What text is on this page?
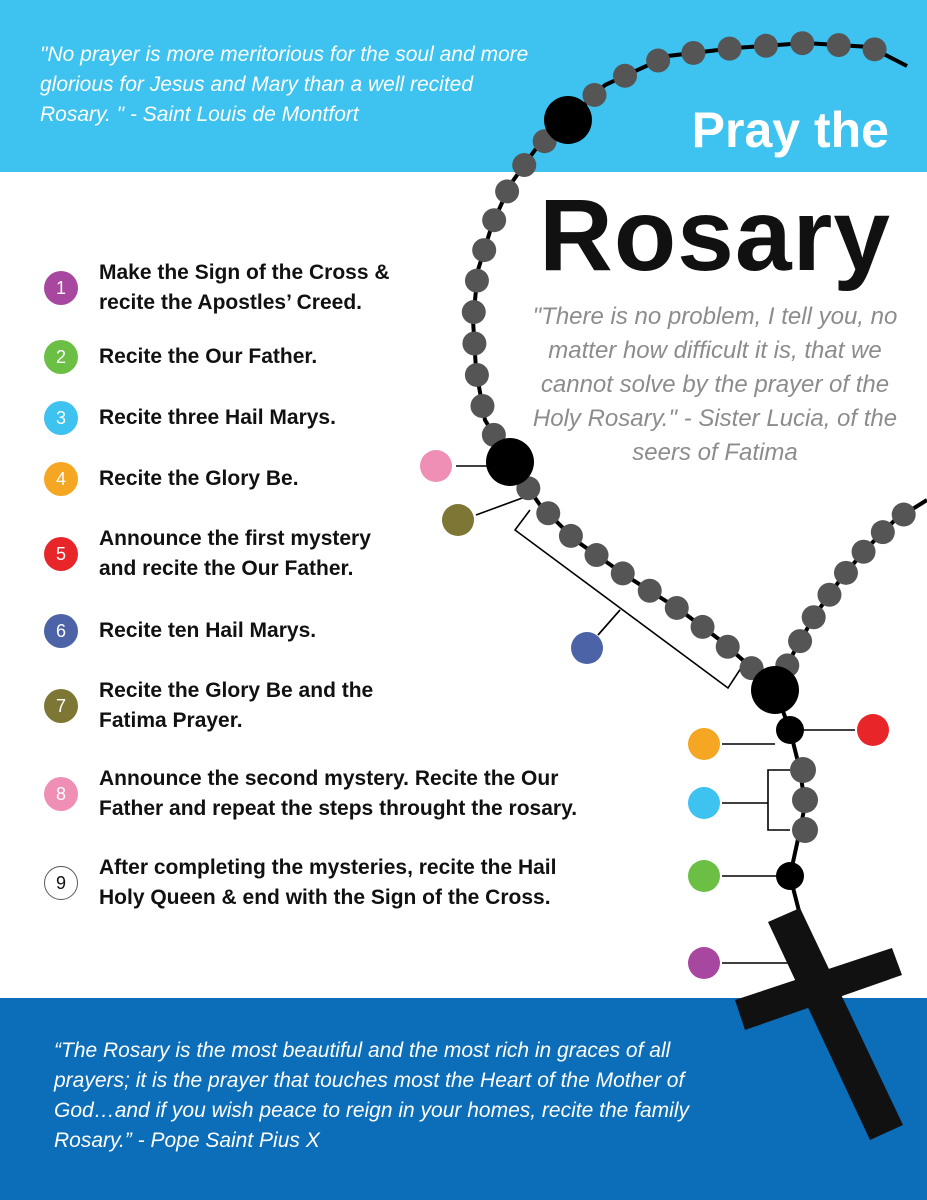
"No prayer is more meritorious for the soul and more glorious for Jesus and Mary than a well recited Rosary. " - Saint Louis de Montfort	Pray the
Rosary
"There is no problem, I tell you, no matter how difficult it is, that we cannot solve by the prayer of the Holy Rosary." - Sister Lucia, of the seers of Fatima
1
Make the Sign of the Cross &
recite the Apostles’ Creed.
2	Recite the Our Father.
3	Recite three Hail Marys.
4	Recite the Glory Be.
5
Announce the first mystery
and recite the Our Father.
6	Recite ten Hail Marys.
7
Recite the Glory Be and the
Fatima Prayer.
8
Announce the second mystery. Recite the Our
Father and repeat the steps throught the rosary.
9
After completing the mysteries, recite the Hail
Holy Queen & end with the Sign of the Cross.
“The Rosary is the most beautiful and the most rich in graces of all prayers; it is the prayer that touches most the Heart of the Mother of God…and if you wish peace to reign in your homes, recite the family Rosary.” - Pope Saint Pius X
